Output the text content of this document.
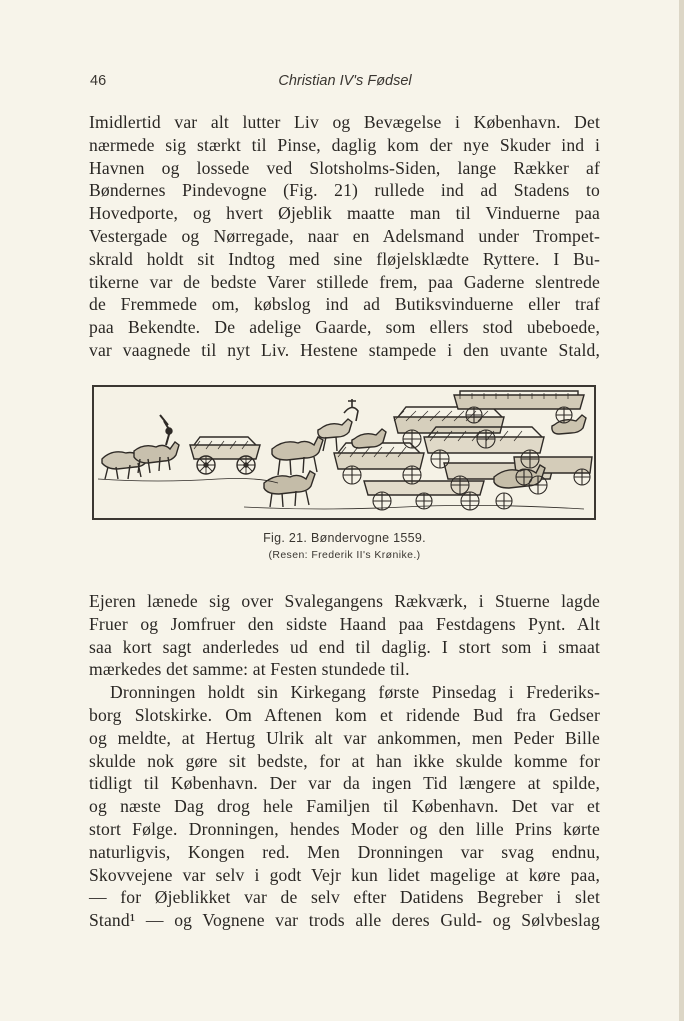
46	Christian IV's Fødsel
Imidlertid var alt lutter Liv og Bevægelse i København. Det
nærmede sig stærkt til Pinse, daglig kom der nye Skuder ind i
Havnen og lossede ved Slotsholms-Siden, lange Rækker af
Bøndernes Pindevogne (Fig. 21) rullede ind ad Stadens to
Hovedporte, og hvert Øjeblik maatte man til Vinduerne paa
Vestergade og Nørregade, naar en Adelsmand under Trompet-
skrald holdt sit Indtog med sine fløjelsklædte Ryttere. I Bu-
tikerne var de bedste Varer stillede frem, paa Gaderne slentrede
de Fremmede om, købslog ind ad Butiksvinduerne eller traf
paa Bekendte. De adelige Gaarde, som ellers stod ubeboede,
var vaagnede til nyt Liv. Hestene stampede i den uvante Stald,
Fig. 21. Bøndervogne 1559.
(Resen: Frederik II's Krønike.)
Ejeren lænede sig over Svalegangens Rækværk, i Stuerne lagde
Fruer og Jomfruer den sidste Haand paa Festdagens Pynt. Alt
saa kort sagt anderledes ud end til daglig. I stort som i smaat
mærkedes det samme: at Festen stundede til.
Dronningen holdt sin Kirkegang første Pinsedag i Frederiks-
borg Slotskirke. Om Aftenen kom et ridende Bud fra Gedser
og meldte, at Hertug Ulrik alt var ankommen, men Peder Bille
skulde nok gøre sit bedste, for at han ikke skulde komme for
tidligt til København. Der var da ingen Tid længere at spilde,
og næste Dag drog hele Familjen til København. Det var et
stort Følge. Dronningen, hendes Moder og den lille Prins kørte
naturligvis, Kongen red. Men Dronningen var svag endnu,
Skovvejene var selv i godt Vejr kun lidet magelige at køre paa,
— for Øjeblikket var de selv efter Datidens Begreber i slet
Stand¹ — og Vognene var trods alle deres Guld- og Sølvbeslag
